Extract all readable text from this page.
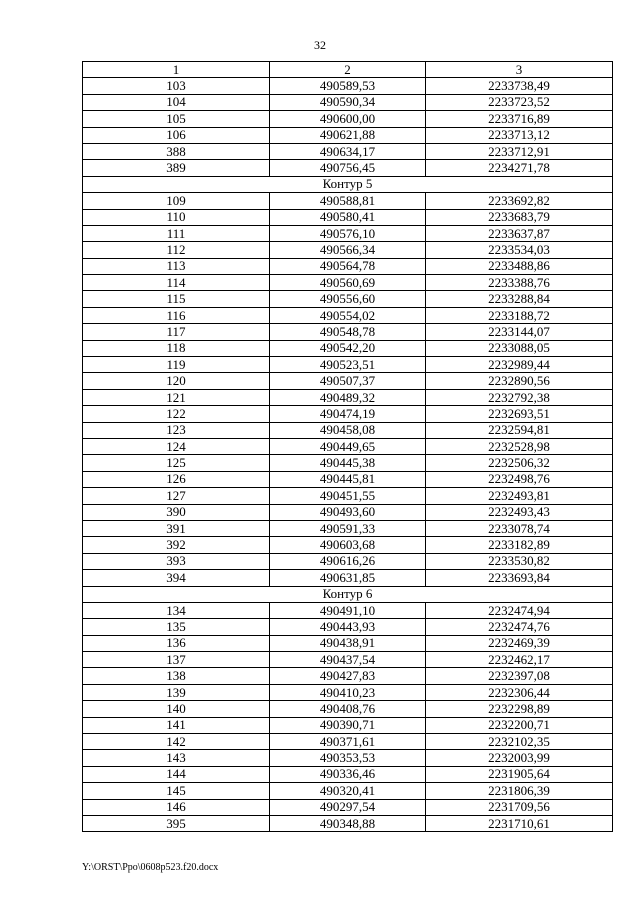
32
1	2	3
103	490589,53	2233738,49
104	490590,34	2233723,52
105	490600,00	2233716,89
106	490621,88	2233713,12
388	490634,17	2233712,91
389	490756,45	2234271,78
Контур 5		
109	490588,81	2233692,82
110	490580,41	2233683,79
111	490576,10	2233637,87
112	490566,34	2233534,03
113	490564,78	2233488,86
114	490560,69	2233388,76
115	490556,60	2233288,84
116	490554,02	2233188,72
117	490548,78	2233144,07
118	490542,20	2233088,05
119	490523,51	2232989,44
120	490507,37	2232890,56
121	490489,32	2232792,38
122	490474,19	2232693,51
123	490458,08	2232594,81
124	490449,65	2232528,98
125	490445,38	2232506,32
126	490445,81	2232498,76
127	490451,55	2232493,81
390	490493,60	2232493,43
391	490591,33	2233078,74
392	490603,68	2233182,89
393	490616,26	2233530,82
394	490631,85	2233693,84
Контур 6		
134	490491,10	2232474,94
135	490443,93	2232474,76
136	490438,91	2232469,39
137	490437,54	2232462,17
138	490427,83	2232397,08
139	490410,23	2232306,44
140	490408,76	2232298,89
141	490390,71	2232200,71
142	490371,61	2232102,35
143	490353,53	2232003,99
144	490336,46	2231905,64
145	490320,41	2231806,39
146	490297,54	2231709,56
395	490348,88	2231710,61
Y:\ORST\Ppo\0608p523.f20.docx
